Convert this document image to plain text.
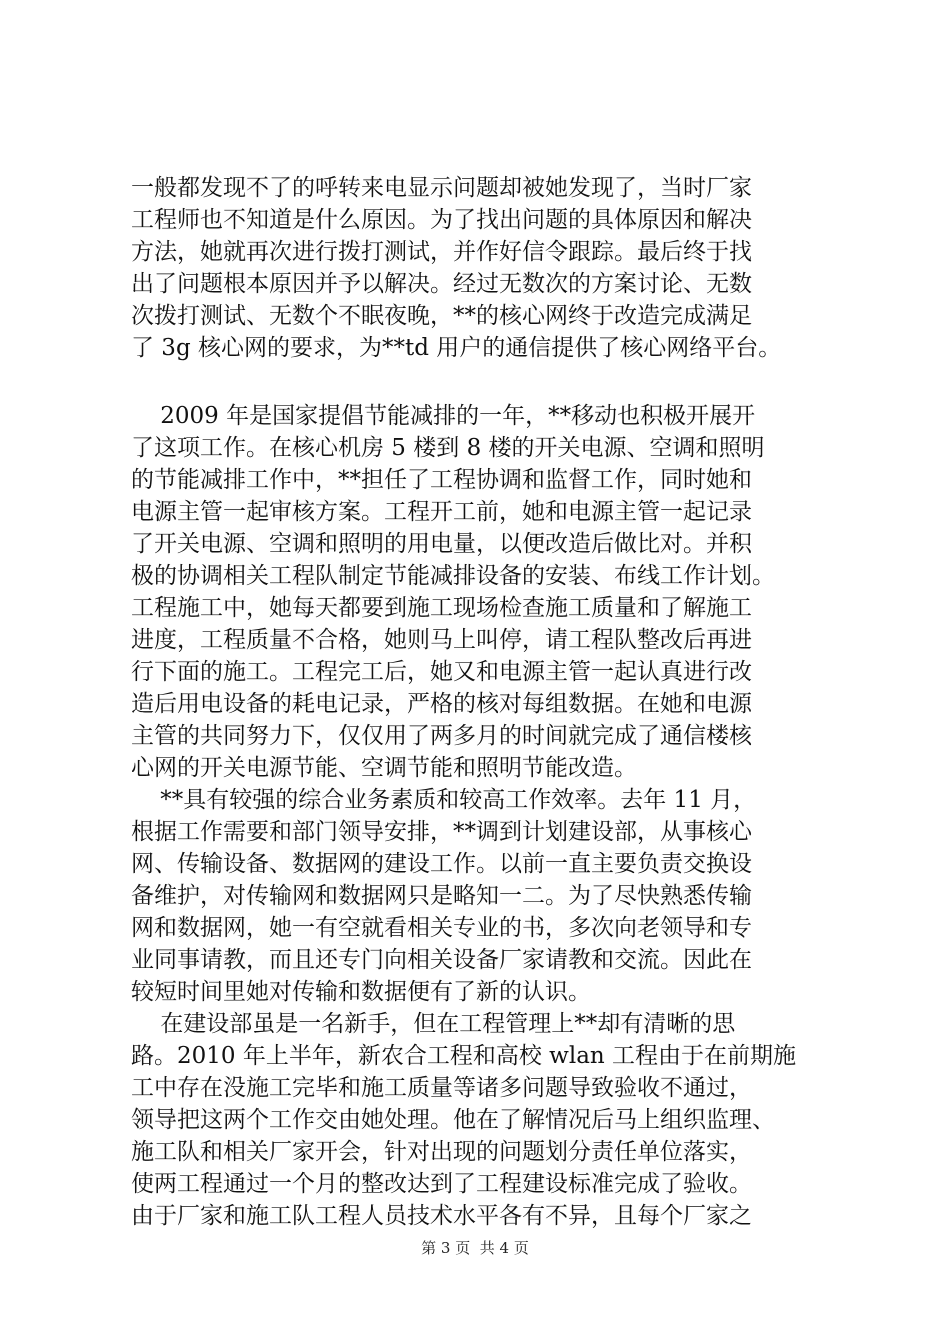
一般都发现不了的呼转来电显示问题却被她发现了，当时厂家
工程师也不知道是什么原因。为了找出问题的具体原因和解决
方法，她就再次进行拨打测试，并作好信令跟踪。最后终于找
出了问题根本原因并予以解决。经过无数次的方案讨论、无数
次拨打测试、无数个不眠夜晚，**的核心网终于改造完成满足
了 3g 核心网的要求，为**td 用户的通信提供了核心网络平台。
2009 年是国家提倡节能减排的一年，**移动也积极开展开
了这项工作。在核心机房 5 楼到 8 楼的开关电源、空调和照明
的节能减排工作中，**担任了工程协调和监督工作，同时她和
电源主管一起审核方案。工程开工前，她和电源主管一起记录
了开关电源、空调和照明的用电量，以便改造后做比对。并积
极的协调相关工程队制定节能减排设备的安装、布线工作计划。
工程施工中，她每天都要到施工现场检查施工质量和了解施工
进度，工程质量不合格，她则马上叫停，请工程队整改后再进
行下面的施工。工程完工后，她又和电源主管一起认真进行改
造后用电设备的耗电记录，严格的核对每组数据。在她和电源
主管的共同努力下，仅仅用了两多月的时间就完成了通信楼核
心网的开关电源节能、空调节能和照明节能改造。
**具有较强的综合业务素质和较高工作效率。去年 11 月，
根据工作需要和部门领导安排，**调到计划建设部，从事核心
网、传输设备、数据网的建设工作。以前一直主要负责交换设
备维护，对传输网和数据网只是略知一二。为了尽快熟悉传输
网和数据网，她一有空就看相关专业的书，多次向老领导和专
业同事请教，而且还专门向相关设备厂家请教和交流。因此在
较短时间里她对传输和数据便有了新的认识。
在建设部虽是一名新手，但在工程管理上**却有清晰的思
路。2010 年上半年，新农合工程和高校 wlan 工程由于在前期施
工中存在没施工完毕和施工质量等诸多问题导致验收不通过，
领导把这两个工作交由她处理。他在了解情况后马上组织监理、
施工队和相关厂家开会，针对出现的问题划分责任单位落实，
使两工程通过一个月的整改达到了工程建设标准完成了验收。
由于厂家和施工队工程人员技术水平各有不异，且每个厂家之
第 3 页  共 4 页
